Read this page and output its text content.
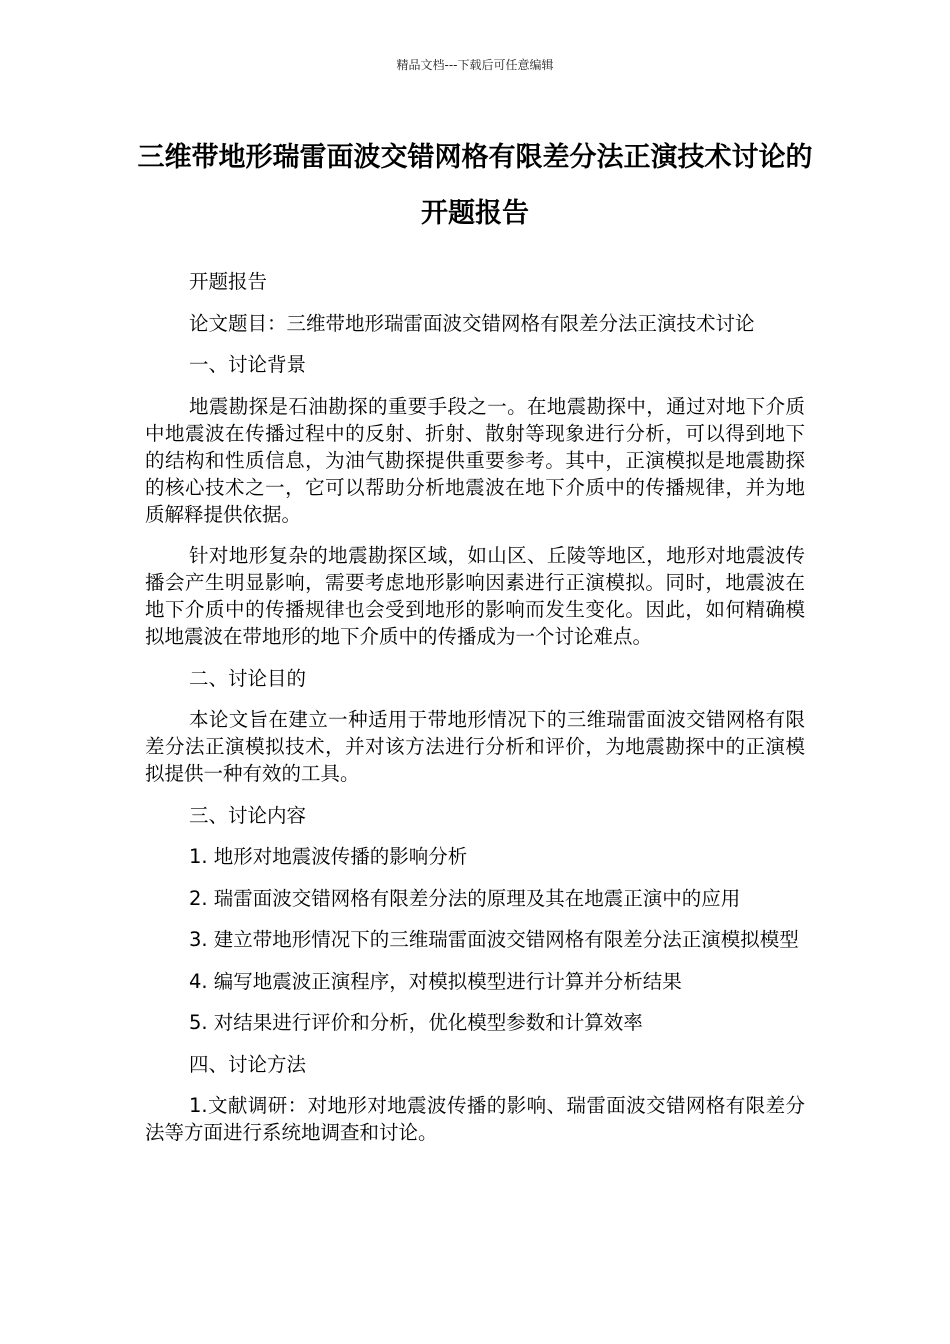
精品文档---下载后可任意编辑
三维带地形瑞雷面波交错网格有限差分法正演技术讨论的开题报告

开题报告

论文题目：三维带地形瑞雷面波交错网格有限差分法正演技术讨论

一、讨论背景

地震勘探是石油勘探的重要手段之一。在地震勘探中，通过对地下介质中地震波在传播过程中的反射、折射、散射等现象进行分析，可以得到地下的结构和性质信息，为油气勘探提供重要参考。其中，正演模拟是地震勘探的核心技术之一，它可以帮助分析地震波在地下介质中的传播规律，并为地质解释提供依据。

针对地形复杂的地震勘探区域，如山区、丘陵等地区，地形对地震波传播会产生明显影响，需要考虑地形影响因素进行正演模拟。同时，地震波在地下介质中的传播规律也会受到地形的影响而发生变化。因此，如何精确模拟地震波在带地形的地下介质中的传播成为一个讨论难点。

二、讨论目的

本论文旨在建立一种适用于带地形情况下的三维瑞雷面波交错网格有限差分法正演模拟技术，并对该方法进行分析和评价，为地震勘探中的正演模拟提供一种有效的工具。

三、讨论内容

1. 地形对地震波传播的影响分析

2. 瑞雷面波交错网格有限差分法的原理及其在地震正演中的应用

3. 建立带地形情况下的三维瑞雷面波交错网格有限差分法正演模拟模型

4. 编写地震波正演程序，对模拟模型进行计算并分析结果

5. 对结果进行评价和分析，优化模型参数和计算效率

四、讨论方法

1.文献调研：对地形对地震波传播的影响、瑞雷面波交错网格有限差分法等方面进行系统地调查和讨论。
